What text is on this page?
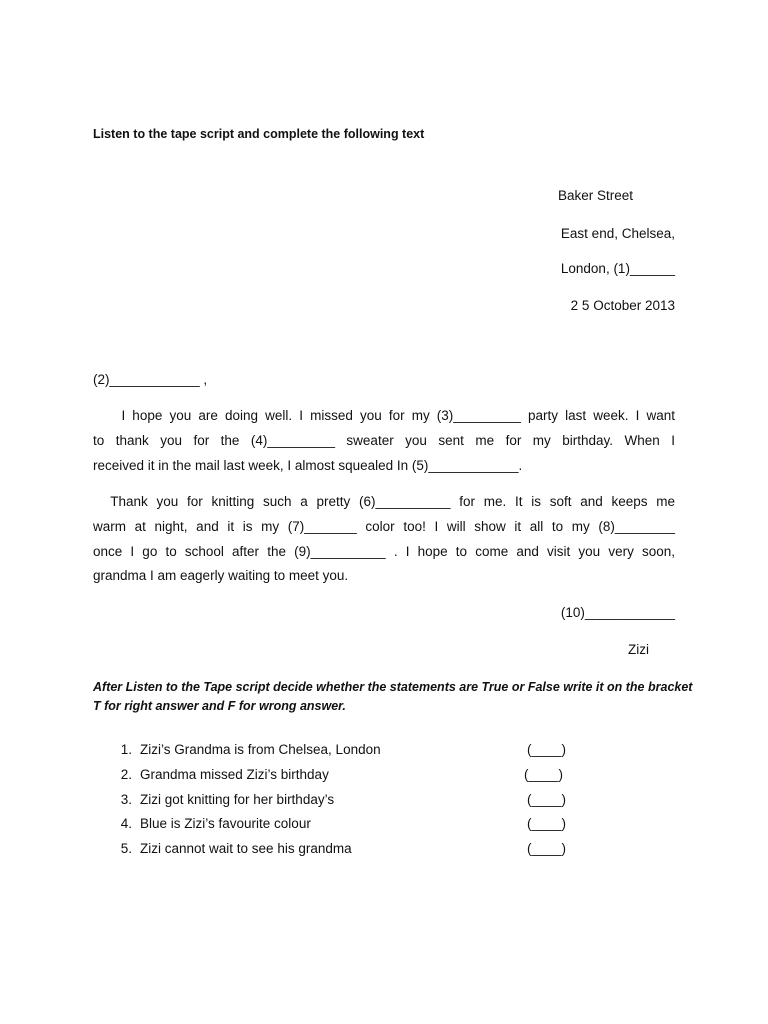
Listen to the tape script and complete the following text
Baker Street
East end, Chelsea,
London, (1)______
2 5 October 2013
(2)____________ ,
I hope you are doing well. I missed you for my (3)_________ party last week. I want
to thank you for the (4)_________ sweater you sent me for my birthday. When I
received it in the mail last week, I almost squealed In (5)____________.
Thank you for knitting such a pretty (6)__________ for me. It is soft and keeps me
warm at night, and it is my (7)_______ color too! I will show it all to my (8)________
once I go to school after the (9)__________ . I hope to come and visit you very soon,
grandma I am eagerly waiting to meet you.
(10)____________
Zizi
After Listen to the Tape script decide whether the statements are True or False write it on the bracket T for right answer and F for wrong answer.
1. Zizi’s Grandma is from Chelsea, London	(____)
2. Grandma missed Zizi’s birthday	(____)
3. Zizi got knitting for her birthday’s	(____)
4. Blue is Zizi’s favourite colour	(____)
5. Zizi cannot wait to see his grandma	(____)
